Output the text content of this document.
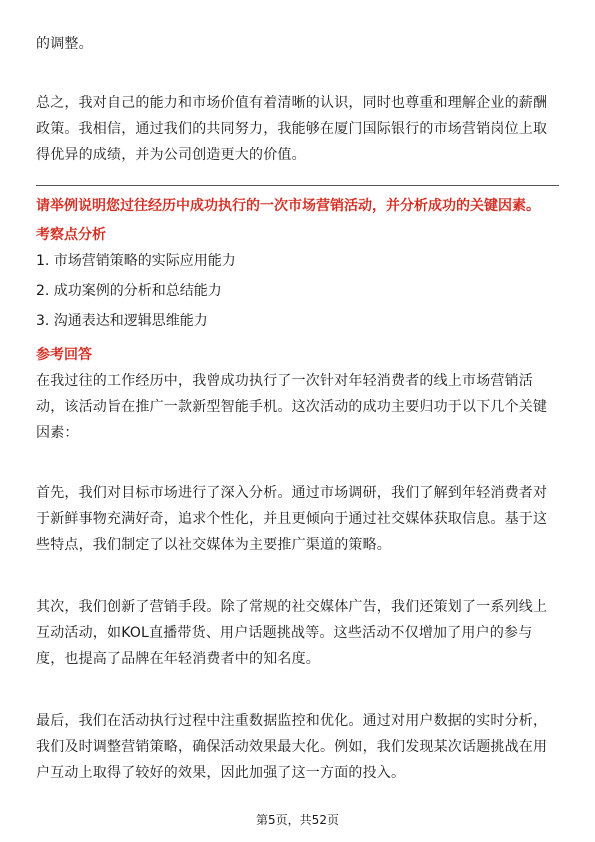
的调整。

总之，我对自己的能力和市场价值有着清晰的认识，同时也尊重和理解企业的薪酬政策。我相信，通过我们的共同努力，我能够在厦门国际银行的市场营销岗位上取得优异的成绩，并为公司创造更大的价值。

请举例说明您过往经历中成功执行的一次市场营销活动，并分析成功的关键因素。

考察点分析

1. 市场营销策略的实际应用能力

2. 成功案例的分析和总结能力

3. 沟通表达和逻辑思维能力

参考回答

在我过往的工作经历中，我曾成功执行了一次针对年轻消费者的线上市场营销活动，该活动旨在推广一款新型智能手机。这次活动的成功主要归功于以下几个关键因素：

首先，我们对目标市场进行了深入分析。通过市场调研，我们了解到年轻消费者对于新鲜事物充满好奇，追求个性化，并且更倾向于通过社交媒体获取信息。基于这些特点，我们制定了以社交媒体为主要推广渠道的策略。

其次，我们创新了营销手段。除了常规的社交媒体广告，我们还策划了一系列线上互动活动，如KOL直播带货、用户话题挑战等。这些活动不仅增加了用户的参与度，也提高了品牌在年轻消费者中的知名度。

最后，我们在活动执行过程中注重数据监控和优化。通过对用户数据的实时分析，我们及时调整营销策略，确保活动效果最大化。例如，我们发现某次话题挑战在用户互动上取得了较好的效果，因此加强了这一方面的投入。

第5页，共52页
